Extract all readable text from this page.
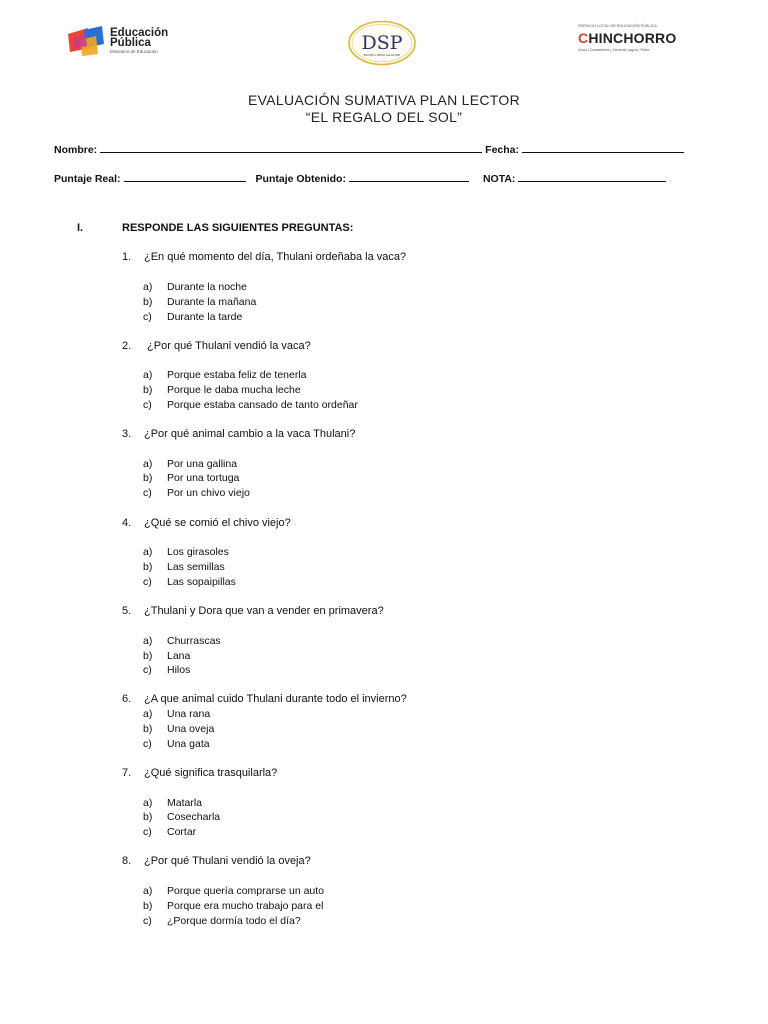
Educación
Pública
Ministerio de Educación	DSP
ESCUELA DIEGO SALAS PAZ
SERVICIO LOCAL DE EDUCACIÓN PÚBLICA
CHINCHORRO
Arica | Camarones | General Lagos | Putre
EVALUACIÓN SUMATIVA PLAN LECTOR
“EL REGALO DEL SOL”
Nombre:	Fecha:
Puntaje Real:	Puntaje Obtenido:	NOTA:
I.	RESPONDE LAS SIGUIENTES PREGUNTAS:
1. ¿En qué momento del día, Thulani ordeñaba la vaca?
a) Durante la noche
b) Durante la mañana
c) Durante la tarde
2. ¿Por qué Thulani vendió la vaca?
a) Porque estaba feliz de tenerla
b) Porque le daba mucha leche
c) Porque estaba cansado de tanto ordeñar
3. ¿Por qué animal cambio a la vaca Thulani?
a) Por una gallina
b) Por una tortuga
c) Por un chivo viejo
4. ¿Qué se comió el chivo viejo?
a) Los girasoles
b) Las semillas
c) Las sopaipillas
5. ¿Thulani y Dora que van a vender en primavera?
a) Churrascas
b) Lana
c) Hilos
6. ¿A que animal cuido Thulani durante todo el invierno?
a) Una rana
b) Una oveja
c) Una gata
7. ¿Qué significa trasquilarla?
a) Matarla
b) Cosecharla
c) Cortar
8. ¿Por qué Thulani vendió la oveja?
a) Porque quería comprarse un auto
b) Porque era mucho trabajo para el
c) ¿Porque dormía todo el día?
